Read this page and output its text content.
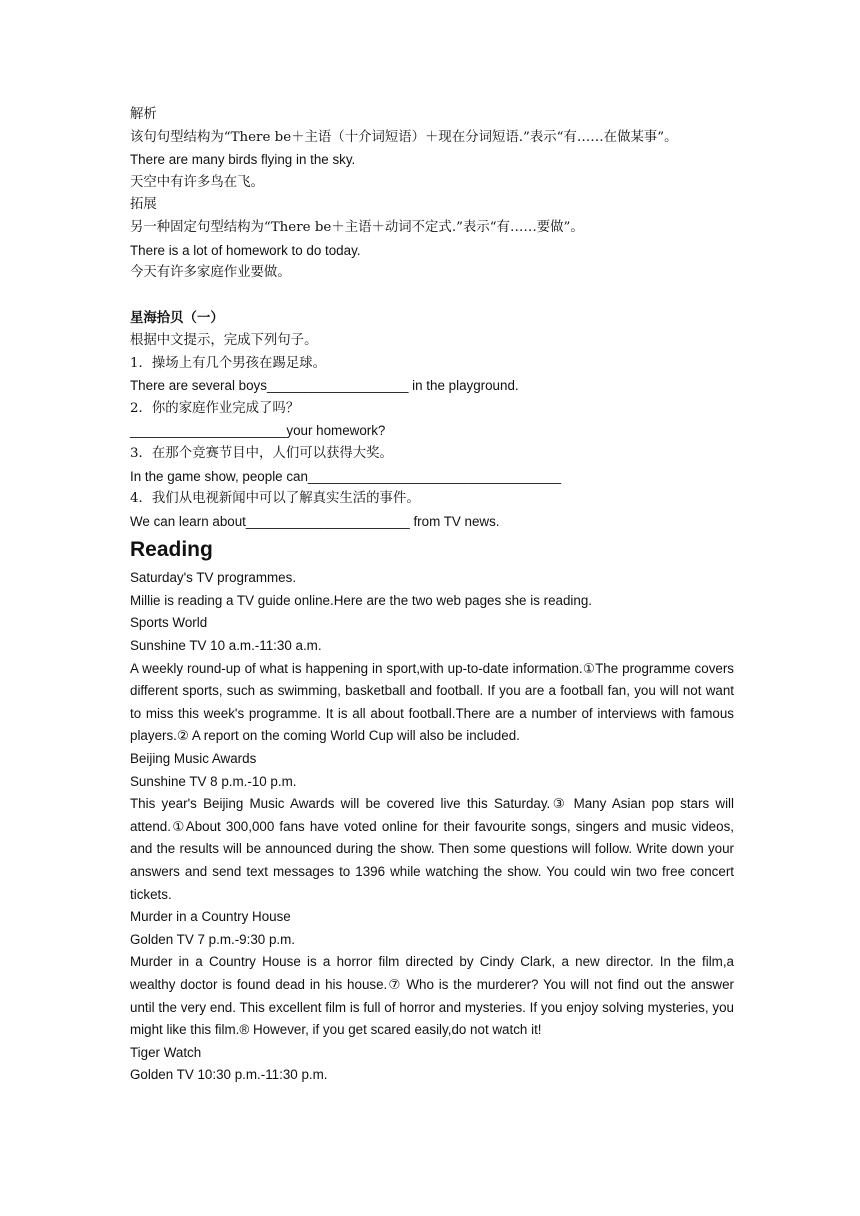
解析

该句句型结构为“There be＋主语（十介词短语）＋现在分词短语.”表示“有……在做某事”。

There are many birds flying in the sky.

天空中有许多鸟在飞。

拓展

另一种固定句型结构为“There be＋主语＋动词不定式.”表示“有……要做”。

There is a lot of homework to do today.

今天有许多家庭作业要做。

星海拾贝（一）

根据中文提示，完成下列句子。

1．操场上有几个男孩在踢足球。

There are several boys___________________ in the playground.

2．你的家庭作业完成了吗？

_____________________your homework?

3．在那个竞赛节目中，人们可以获得大奖。

In the game show, people can__________________________________

4．我们从电视新闻中可以了解真实生活的事件。

We can learn about______________________ from TV news.

Reading

Saturday's TV programmes.

Millie is reading a TV guide online.Here are the two web pages she is reading.

Sports World

Sunshine TV 10 a.m.-11:30 a.m.

A weekly round-up of what is happening in sport,with up-to-date information.①The programme covers different sports, such as swimming, basketball and football. If you are a football fan, you will not want to miss this week's programme. It is all about football.There are a number of interviews with famous players.② A report on the coming World Cup will also be included.

Beijing Music Awards

Sunshine TV 8 p.m.-10 p.m.

This year's Beijing Music Awards will be covered live this Saturday.③ Many Asian pop stars will attend.①About 300,000 fans have voted online for their favourite songs, singers and music videos, and the results will be announced during the show. Then some questions will follow. Write down your answers and send text messages to 1396 while watching the show. You could win two free concert tickets.

Murder in a Country House

Golden TV 7 p.m.-9:30 p.m.

Murder in a Country House is a horror film directed by Cindy Clark, a new director. In the film,a wealthy doctor is found dead in his house.⑦ Who is the murderer? You will not find out the answer until the very end. This excellent film is full of horror and mysteries. If you enjoy solving mysteries, you might like this film.® However, if you get scared easily,do not watch it!

Tiger Watch

Golden TV 10:30 p.m.-11:30 p.m.
